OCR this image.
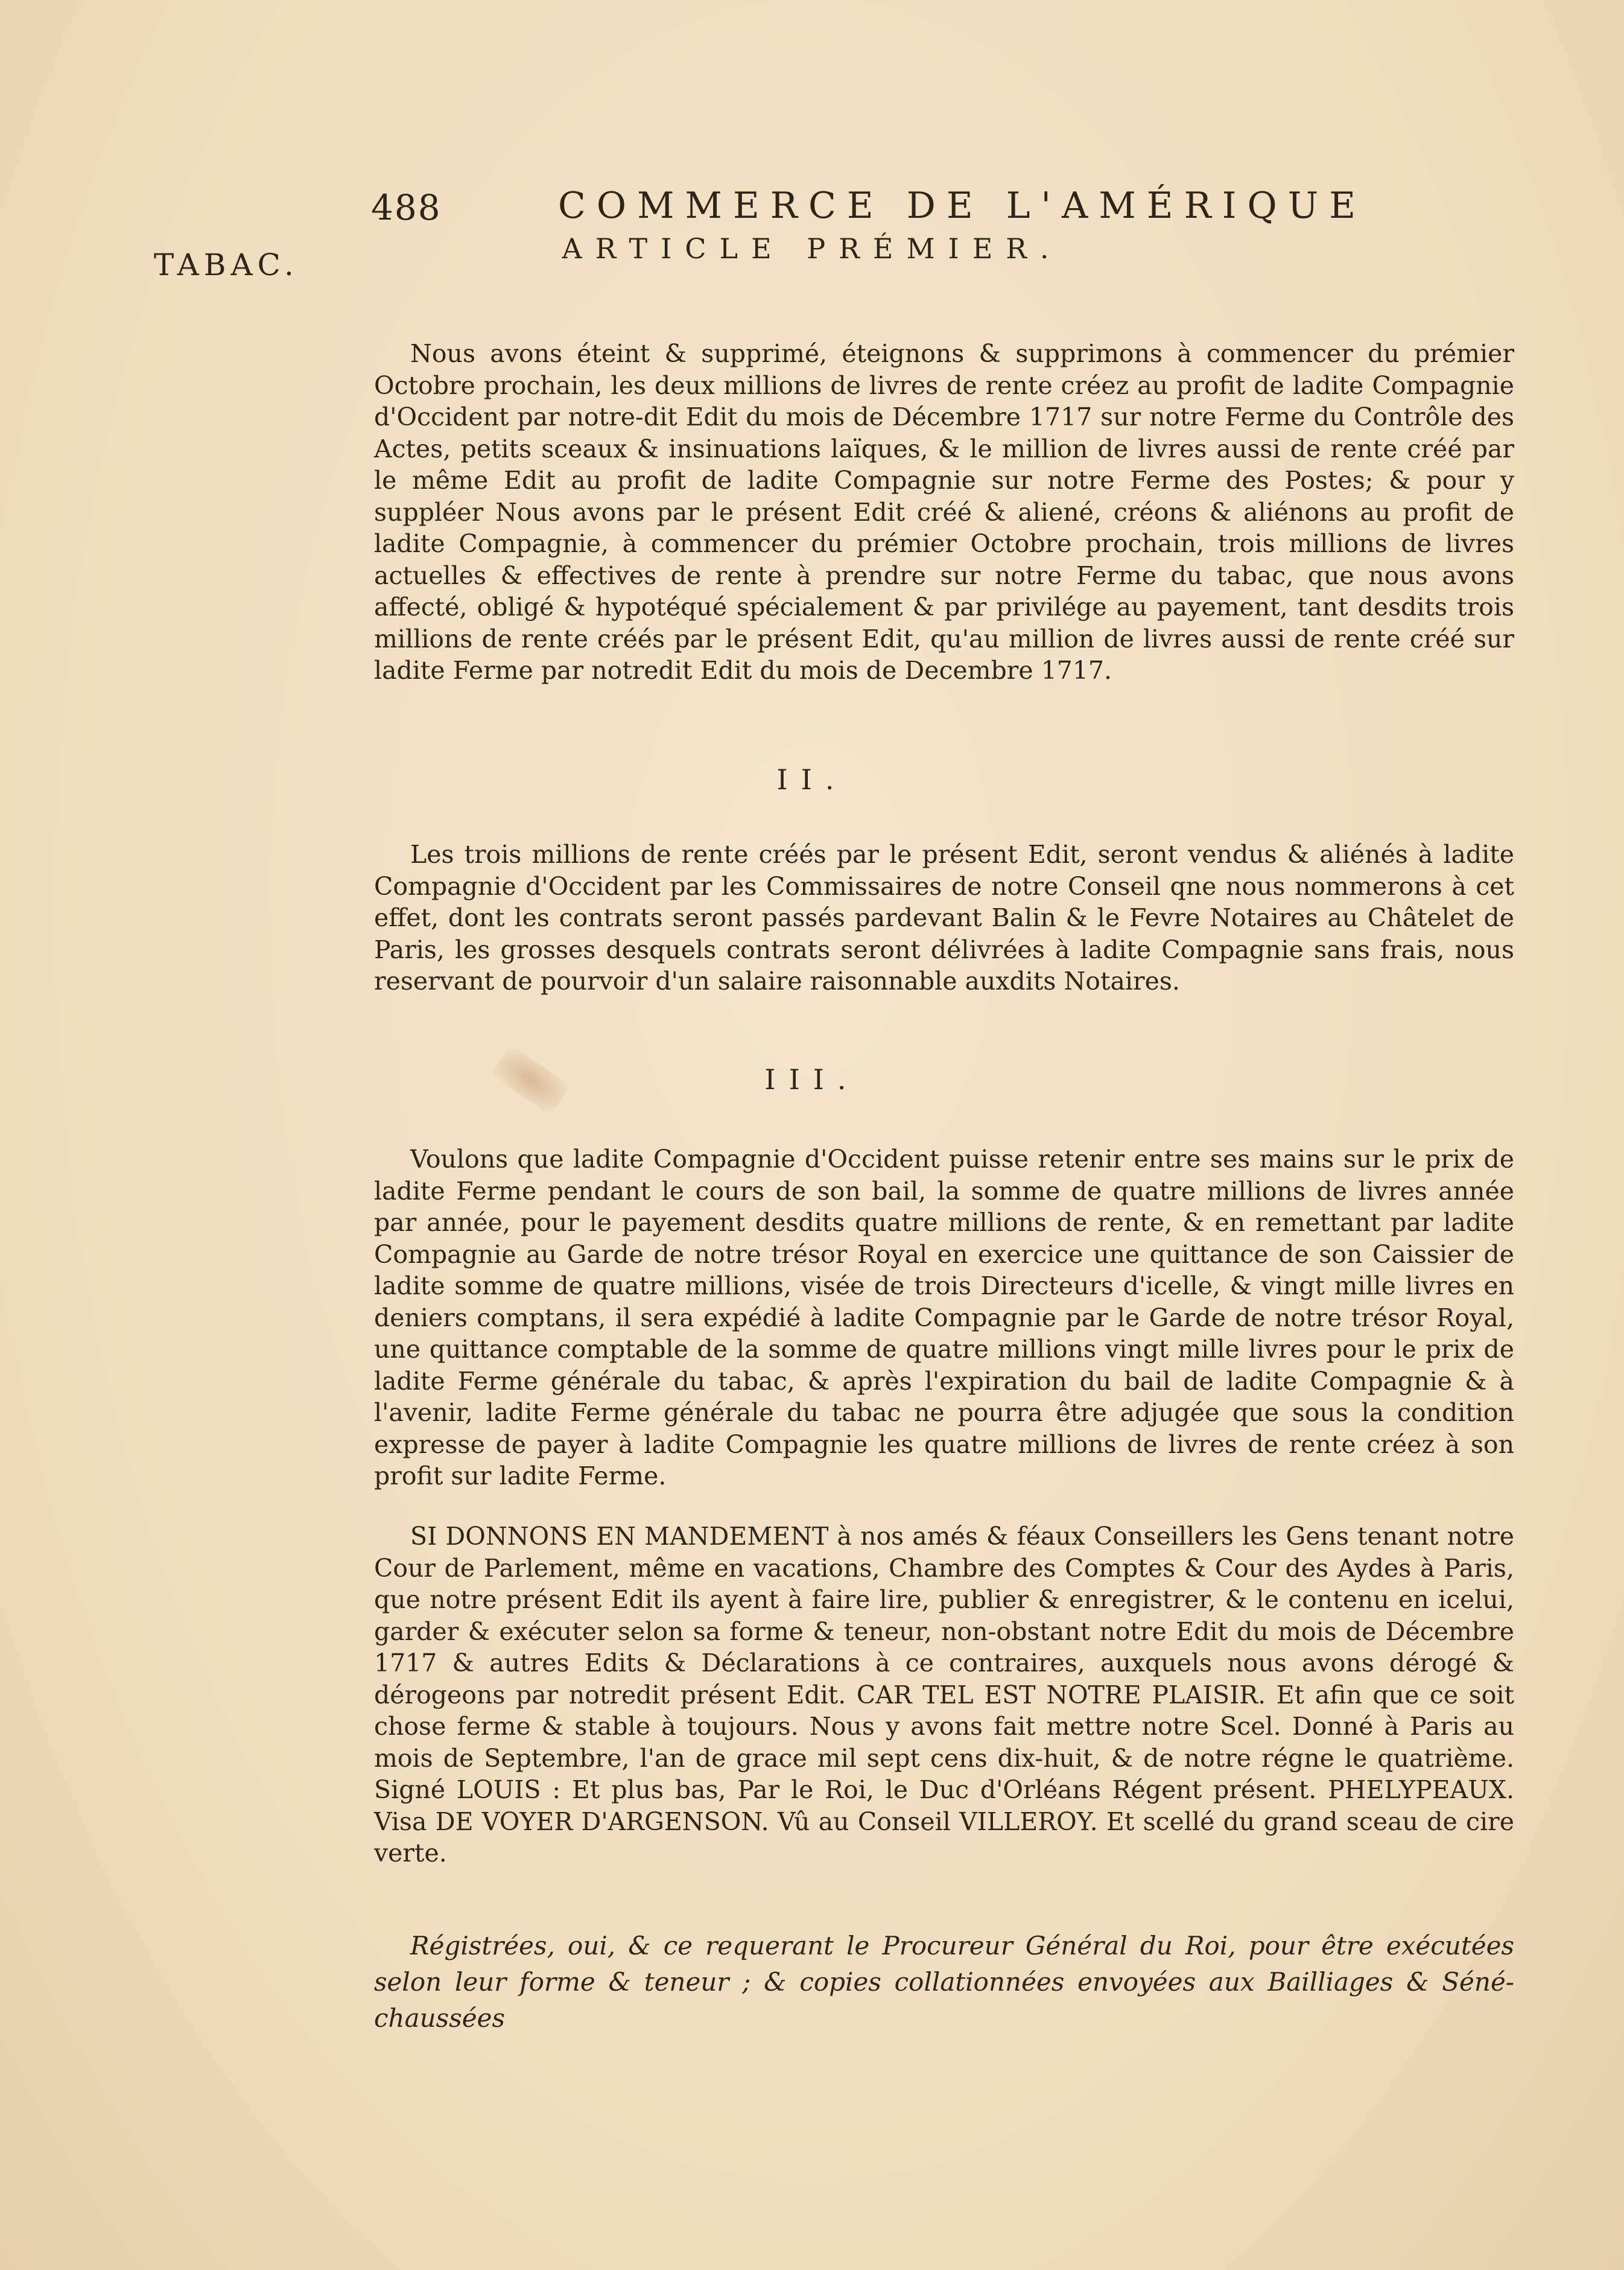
488	COMMERCE DE L'AMÉRIQUE
TABAC.	ARTICLE PRÉMIER.
Nous avons éteint & supprimé, éteignons & supprimons à commencer du prémier Octobre prochain, les deux millions de livres de rente créez au profit de ladite Compagnie d'Occident par notre-dit Edit du mois de Décembre 1717 sur notre Ferme du Contrôle des Actes, petits sceaux & insinuations laïques, & le million de livres aussi de rente créé par le même Edit au profit de ladite Compagnie sur notre Ferme des Postes; & pour y suppléer Nous avons par le présent Edit créé & aliené, créons & aliénons au profit de ladite Compagnie, à commencer du prémier Octobre prochain, trois millions de livres actuelles & effectives de rente à prendre sur notre Ferme du tabac, que nous avons affecté, obligé & hypotéqué spécialement & par privilége au payement, tant desdits trois millions de rente créés par le présent Edit, qu'au million de livres aussi de rente créé sur ladite Ferme par notredit Edit du mois de Decembre 1717.
II.
Les trois millions de rente créés par le présent Edit, seront vendus & aliénés à ladite Compagnie d'Occident par les Commissaires de notre Conseil qne nous nommerons à cet effet, dont les contrats seront passés pardevant Balin & le Fevre Notaires au Châtelet de Paris, les grosses desquels contrats seront délivrées à ladite Compagnie sans frais, nous reservant de pourvoir d'un salaire raisonnable auxdits Notaires.
III.
Voulons que ladite Compagnie d'Occident puisse retenir entre ses mains sur le prix de ladite Ferme pendant le cours de son bail, la somme de quatre millions de livres année par année, pour le payement desdits quatre millions de rente, & en remettant par ladite Compagnie au Garde de notre trésor Royal en exercice une quittance de son Caissier de ladite somme de quatre millions, visée de trois Directeurs d'icelle, & vingt mille livres en deniers comptans, il sera expédié à ladite Compagnie par le Garde de notre trésor Royal, une quittance comptable de la somme de quatre millions vingt mille livres pour le prix de ladite Ferme générale du tabac, & après l'expiration du bail de ladite Compagnie & à l'avenir, ladite Ferme générale du tabac ne pourra être adjugée que sous la condition expresse de payer à ladite Compagnie les quatre millions de livres de rente créez à son profit sur ladite Ferme.
SI DONNONS EN MANDEMENT à nos amés & féaux Conseillers les Gens tenant notre Cour de Parlement, même en vacations, Chambre des Comptes & Cour des Aydes à Paris, que notre présent Edit ils ayent à faire lire, publier & enregistrer, & le contenu en icelui, garder & exécuter selon sa forme & teneur, non-obstant notre Edit du mois de Décembre 1717 & autres Edits & Déclarations à ce contraires, auxquels nous avons dérogé & dérogeons par notredit présent Edit. CAR TEL EST NOTRE PLAISIR. Et afin que ce soit chose ferme & stable à toujours. Nous y avons fait mettre notre Scel. Donné à Paris au mois de Septembre, l'an de grace mil sept cens dix-huit, & de notre régne le quatrième. Signé LOUIS : Et plus bas, Par le Roi, le Duc d'Orléans Régent présent. PHELYPEAUX. Visa DE VOYER D'ARGENSON. Vû au Conseil VILLEROY. Et scellé du grand sceau de cire verte.
Régistrées, oui, & ce requerant le Procureur Général du Roi, pour être exécutées selon leur forme & teneur ; & copies collationnées envoyées aux Bailliages & Séné-chaussées
